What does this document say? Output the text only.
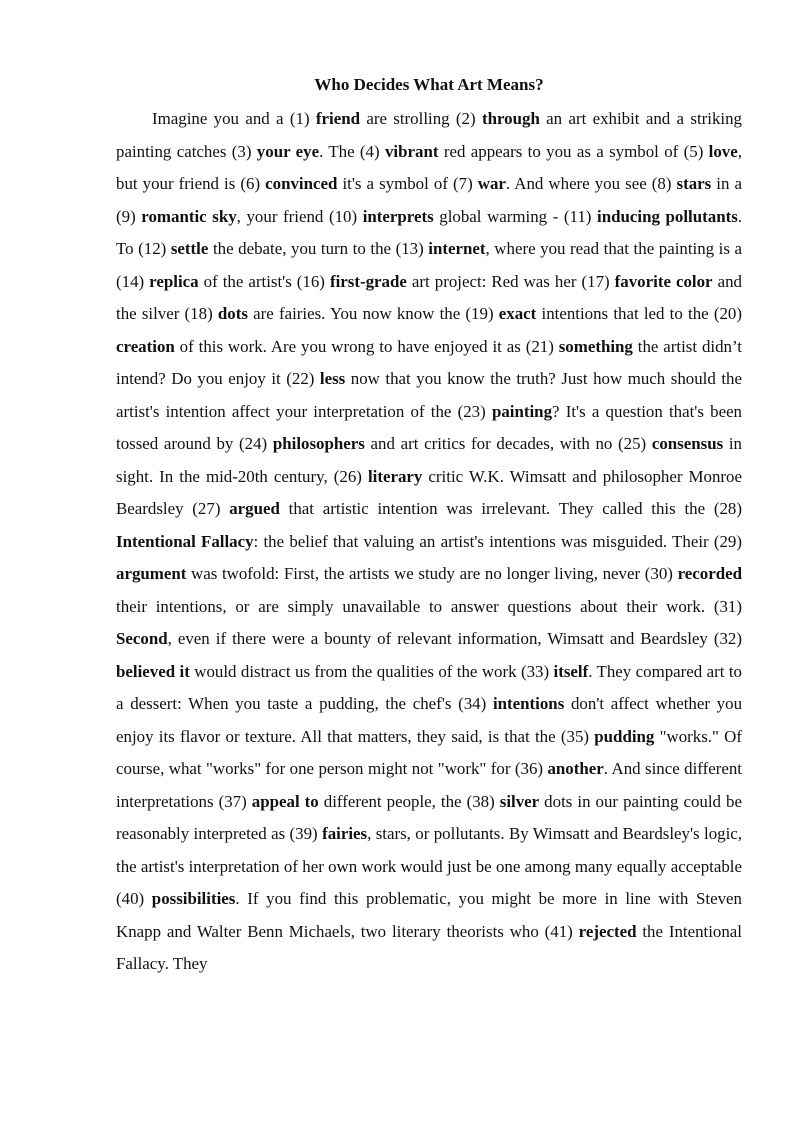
Who Decides What Art Means?

Imagine you and a (1) friend are strolling (2) through an art exhibit and a striking painting catches (3) your eye. The (4) vibrant red appears to you as a symbol of (5) love, but your friend is (6) convinced it's a symbol of (7) war. And where you see (8) stars in a (9) romantic sky, your friend (10) interprets global warming - (11) inducing pollutants. To (12) settle the debate, you turn to the (13) internet, where you read that the painting is a (14) replica of the artist's (16) first-grade art project: Red was her (17) favorite color and the silver (18) dots are fairies. You now know the (19) exact intentions that led to the (20) creation of this work. Are you wrong to have enjoyed it as (21) something the artist didn’t intend? Do you enjoy it (22) less now that you know the truth? Just how much should the artist's intention affect your interpretation of the (23) painting? It's a question that's been tossed around by (24) philosophers and art critics for decades, with no (25) consensus in sight. In the mid-20th century, (26) literary critic W.K. Wimsatt and philosopher Monroe Beardsley (27) argued that artistic intention was irrelevant. They called this the (28) Intentional Fallacy: the belief that valuing an artist's intentions was misguided. Their (29) argument was twofold: First, the artists we study are no longer living, never (30) recorded their intentions, or are simply unavailable to answer questions about their work. (31) Second, even if there were a bounty of relevant information, Wimsatt and Beardsley (32) believed it would distract us from the qualities of the work (33) itself. They compared art to a dessert: When you taste a pudding, the chef's (34) intentions don't affect whether you enjoy its flavor or texture. All that matters, they said, is that the (35) pudding "works." Of course, what "works" for one person might not "work" for (36) another. And since different interpretations (37) appeal to different people, the (38) silver dots in our painting could be reasonably interpreted as (39) fairies, stars, or pollutants. By Wimsatt and Beardsley's logic, the artist's interpretation of her own work would just be one among many equally acceptable (40) possibilities. If you find this problematic, you might be more in line with Steven Knapp and Walter Benn Michaels, two literary theorists who (41) rejected the Intentional Fallacy. They
